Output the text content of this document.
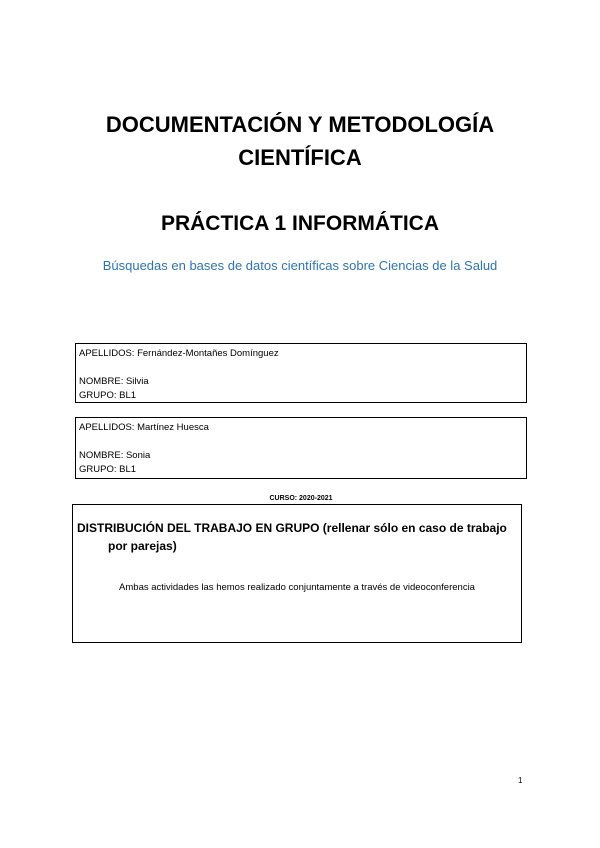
DOCUMENTACIÓN Y METODOLOGÍA
CIENTÍFICA
PRÁCTICA 1 INFORMÁTICA

Búsquedas en bases de datos científicas sobre Ciencias de la Salud

APELLIDOS: Fernández-Montañes Domínguez
NOMBRE: Silvia
GRUPO: BL1
APELLIDOS: Martínez Huesca
NOMBRE: Sonia
GRUPO: BL1
CURSO: 2020-2021

DISTRIBUCIÓN DEL TRABAJO EN GRUPO (rellenar sólo en caso de trabajo
por parejas)

Ambas actividades las hemos realizado conjuntamente a través de videoconferencia

1
